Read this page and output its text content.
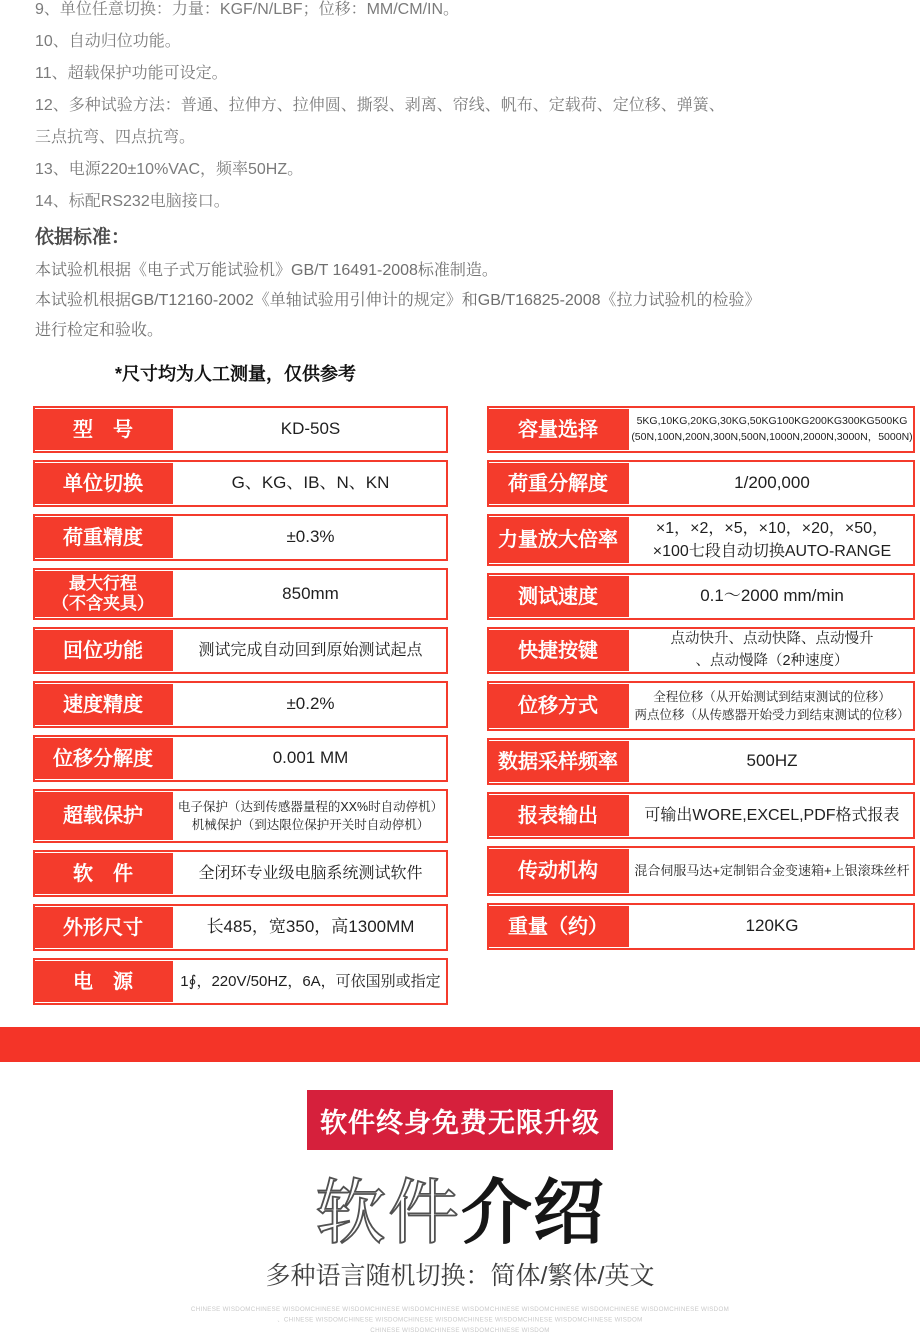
9、单位任意切换：力量：KGF/N/LBF；位移：MM/CM/IN。
10、自动归位功能。
11、超载保护功能可设定。
12、多种试验方法：普通、拉伸方、拉伸圆、撕裂、剥离、帘线、帆布、定载荷、定位移、弹簧、
三点抗弯、四点抗弯。
13、电源220±10%VAC，频率50HZ。
14、标配RS232电脑接口。
依据标准：
本试验机根据《电子式万能试验机》GB/T 16491-2008标准制造。
本试验机根据GB/T12160-2002《单轴试验用引伸计的规定》和GB/T16825-2008《拉力试验机的检验》
进行检定和验收。
*尺寸均为人工测量，仅供参考
KD-50S
型　号
G、KG、IB、N、KN
单位切换
±0.3%
荷重精度
850mm
最大行程
（不含夹具）
测试完成自动回到原始测试起点
回位功能
±0.2%
速度精度
0.001 MM
位移分解度
电子保护（达到传感器量程的XX%时自动停机）
机械保护（到达限位保护开关时自动停机）
超载保护
全闭环专业级电脑系统测试软件
软　件
长485，宽350，高1300MM
外形尺寸
1∮，220V/50HZ，6A，可依国别或指定
电　源
5KG,10KG,20KG,30KG,50KG100KG200KG300KG500KG
(50N,100N,200N,300N,500N,1000N,2000N,3000N，5000N)
容量选择
1/200,000
荷重分解度
×1，×2，×5，×10，×20，×50，
×100七段自动切换AUTO-RANGE
力量放大倍率
0.1～2000 mm/min
测试速度
点动快升、点动快降、点动慢升
、点动慢降（2种速度）
快捷按键
全程位移（从开始测试到结束测试的位移）
两点位移（从传感器开始受力到结束测试的位移）
位移方式
500HZ
数据采样频率
可输出WORE,EXCEL,PDF格式报表
报表输出
混合伺服马达+定制铝合金变速箱+上银滚珠丝杆
传动机构
120KG
重量（约）
软件终身免费无限升级
软件介绍
多种语言随机切换：简体/繁体/英文
CHINESE WISDOMCHINESE WISDOMCHINESE WISDOMCHINESE WISDOMCHINESE WISDOMCHINESE WISDOMCHINESE WISDOMCHINESE WISDOMCHINESE WISDOM
、CHINESE WISDOMCHINESE WISDOMCHINESE WISDOMCHINESE WISDOMCHINESE WISDOMCHINESE WISDOM
CHINESE WISDOMCHINESE WISDOMCHINESE WISDOM
